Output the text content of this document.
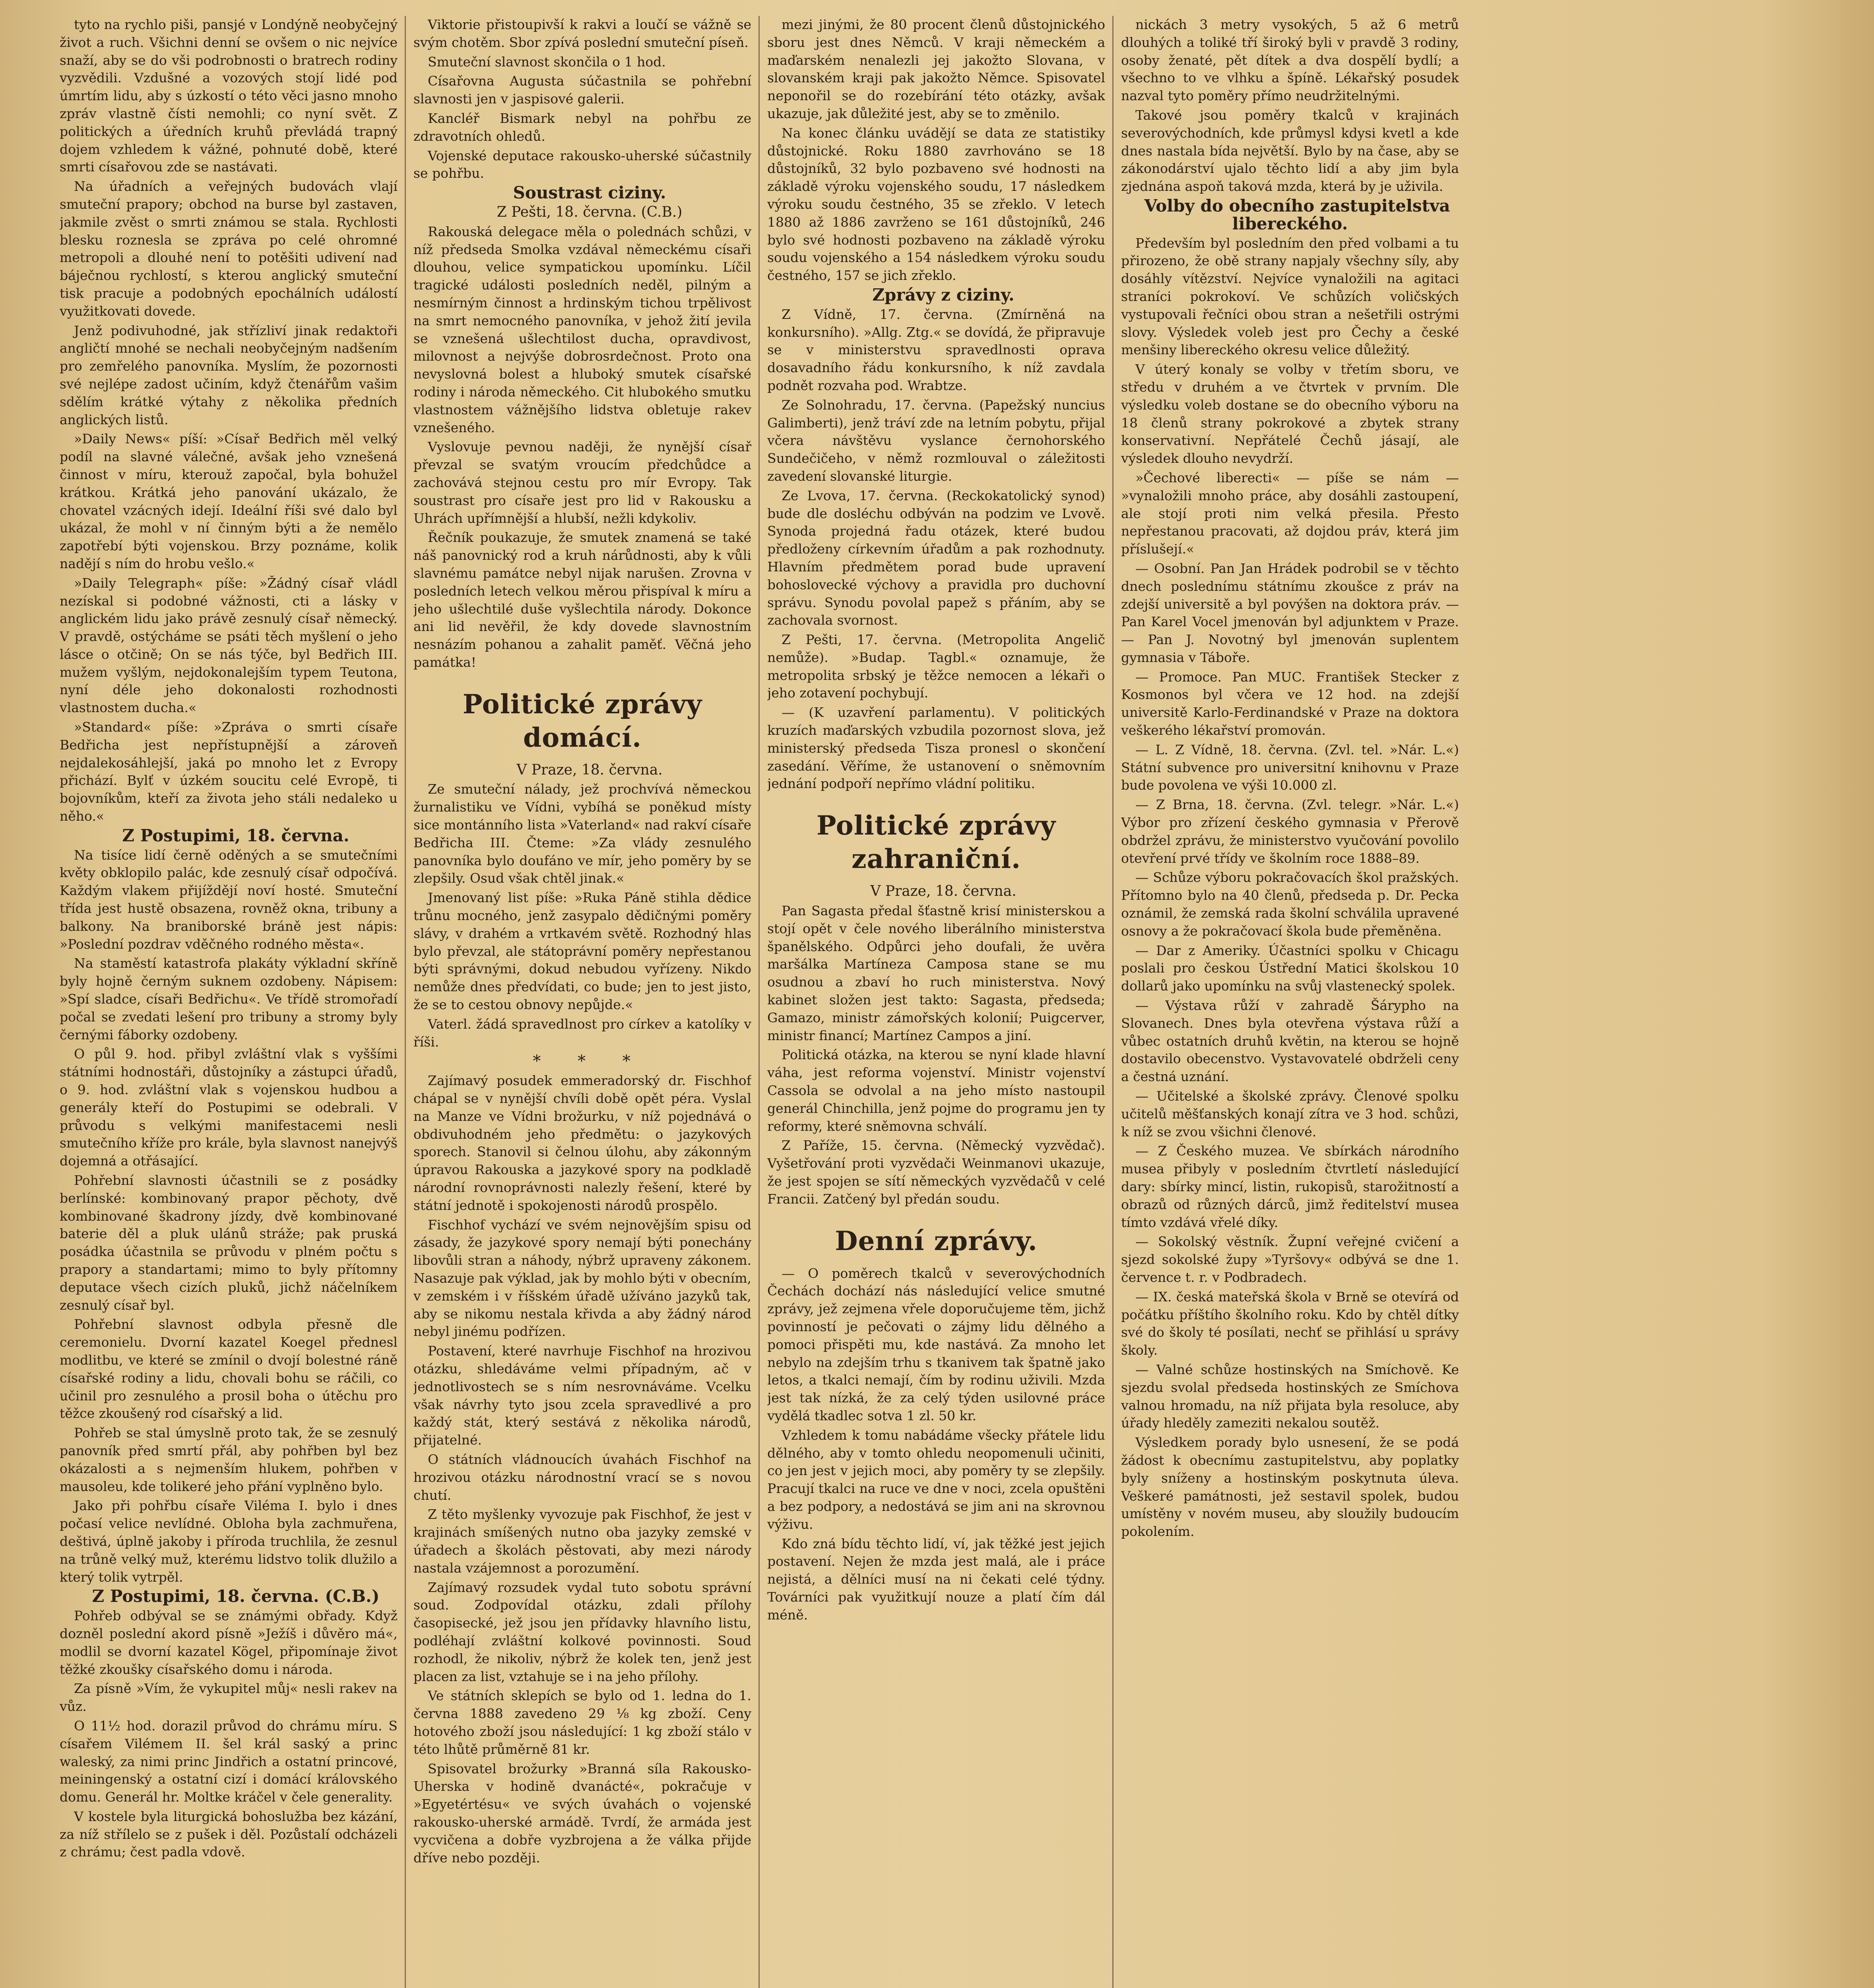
tyto na rychlo piši, pansjé v Londýně neobyčejný život a ruch. Všichni denní se ovšem o nic nejvíce snaží, aby se do vši podrobnosti o bratrech rodiny vyzvědili. Vzdušné a vozových stojí lidé pod úmrtím lidu, aby s úzkostí o této věci jasno mnoho zpráv vlastně čísti nemohli; co nyní svět. Z politických a úředních kruhů převládá trapný dojem vzhledem k vážné, pohnuté době, které smrti císařovou zde se nastávati.

Na úřadních a veřejných budovách vlají smuteční prapory; obchod na burse byl zastaven, jakmile zvěst o smrti známou se stala. Rychlosti blesku roznesla se zpráva po celé ohromné metropoli a dlouhé není to potěšiti udivení nad báječnou rychlostí, s kterou anglický smuteční tisk pracuje a podobných epochálních událostí využitkovati dovede.

Jenž podivuhodné, jak střízliví jinak redaktoři angličtí mnohé se nechali neobyčejným nadšením pro zemřelého panovníka. Myslím, že pozornosti své nejlépe zadost učiním, když čtenářům vašim sdělím krátké výtahy z několika předních anglických listů.

»Daily News« píší: »Císař Bedřich měl velký podíl na slavné válečné, avšak jeho vznešená činnost v míru, kterouž započal, byla bohužel krátkou. Krátká jeho panování ukázalo, že chovatel vzácných idejí. Ideální říši své dalo byl ukázal, že mohl v ní činným býti a že nemělo zapotřebí býti vojenskou. Brzy poznáme, kolik nadějí s ním do hrobu vešlo.«

»Daily Telegraph« píše: »Žádný císař vládl nezískal si podobné vážnosti, cti a lásky v anglickém lidu jako právě zesnulý císař německý. V pravdě, ostýcháme se psáti těch myšlení o jeho lásce o otčině; On se nás týče, byl Bedřich III. mužem vyšlým, nejdokonalejším typem Teutona, nyní déle jeho dokonalosti rozhodnosti vlastnostem ducha.«

»Standard« píše: »Zpráva o smrti císaře Bedřicha jest nepřístupnější a zároveň nejdalekosáhlejší, jaká po mnoho let z Evropy přichází. Bylť v úzkém soucitu celé Evropě, ti bojovníkům, kteří za života jeho stáli nedaleko u něho.«

Z Postupimi, 18. června.

Na tisíce lidí černě oděných a se smutečními květy obklopilo palác, kde zesnulý císař odpočívá. Každým vlakem přijíždějí noví hosté. Smuteční třída jest hustě obsazena, rovněž okna, tribuny a balkony. Na braniborské bráně jest nápis: »Poslední pozdrav vděčného rodného města«.

Na staměstí katastrofa plakáty výkladní skříně byly hojně černým suknem ozdobeny. Nápisem: »Spí sladce, císaři Bedřichu«. Ve třídě stromořadí počal se zvedati lešení pro tribuny a stromy byly černými fáborky ozdobeny.

O půl 9. hod. přibyl zvláštní vlak s vyššími státními hodnostáři, důstojníky a zástupci úřadů, o 9. hod. zvláštní vlak s vojenskou hudbou a generály kteří do Postupimi se odebrali. V průvodu s velkými manifestacemi nesli smutečního kříže pro krále, byla slavnost nanejvýš dojemná a otřásající.

Pohřební slavnosti účastnili se z posádky berlínské: kombinovaný prapor pěchoty, dvě kombinované škadrony jízdy, dvě kombinované baterie děl a pluk ulánů stráže; pak pruská posádka účastnila se průvodu v plném počtu s prapory a standartami; mimo to byly přítomny deputace všech cizích pluků, jichž náčelníkem zesnulý císař byl.

Pohřební slavnost odbyla přesně dle ceremonielu. Dvorní kazatel Koegel přednesl modlitbu, ve které se zmínil o dvojí bolestné ráně císařské rodiny a lidu, chovali bohu se ráčili, co učinil pro zesnulého a prosil boha o útěchu pro těžce zkoušený rod císařský a lid.

Pohřeb se stal úmyslně proto tak, že se zesnulý panovník před smrtí přál, aby pohřben byl bez okázalosti a s nejmenším hlukem, pohřben v mausoleu, kde tolikeré jeho přání vyplněno bylo.

Jako při pohřbu císaře Viléma I. bylo i dnes počasí velice nevlídné. Obloha byla zachmuřena, deštivá, úplně jakoby i příroda truchlila, že zesnul na trůně velký muž, kterému lidstvo tolik dlužilo a který tolik vytrpěl.

Z Postupimi, 18. června. (C.B.)

Pohřeb odbýval se se známými obřady. Když dozněl poslední akord písně »Ježíš i důvěro má«, modlil se dvorní kazatel Kögel, připomínaje život těžké zkoušky císařského domu i národa.

Za písně »Vím, že vykupitel můj« nesli rakev na vůz.

O 11½ hod. dorazil průvod do chrámu míru. S císařem Vilémem II. šel král saský a princ waleský, za nimi princ Jindřich a ostatní princové, meiningenský a ostatní cizí i domácí královského domu. Generál hr. Moltke kráčel v čele generality.

V kostele byla liturgická bohoslužba bez kázání, za níž střílelo se z pušek i děl. Pozůstalí odcházeli z chrámu; čest padla vdově.

Viktorie přistoupivší k rakvi a loučí se vážně se svým chotěm. Sbor zpívá poslední smuteční píseň.

Smuteční slavnost skončila o 1 hod.

Císařovna Augusta súčastnila se pohřební slavnosti jen v jaspisové galerii.

Kancléř Bismark nebyl na pohřbu ze zdravotních ohledů.

Vojenské deputace rakousko-uherské súčastnily se pohřbu.

Soustrast ciziny.

Z Pešti, 18. června. (C.B.)

Rakouská delegace měla o polednách schůzi, v níž předseda Smolka vzdával německému císaři dlouhou, velice sympatickou upomínku. Líčil tragické události posledních neděl, pilným a nesmírným činnost a hrdinským tichou trpělivost na smrt nemocného panovníka, v jehož žití jevila se vznešená ušlechtilost ducha, opravdivost, milovnost a nejvýše dobrosrdečnost. Proto ona nevyslovná bolest a hluboký smutek císařské rodiny i národa německého. Cit hlubokého smutku vlastnostem vážnějšího lidstva obletuje rakev vznešeného.

Vyslovuje pevnou naději, že nynější císař převzal se svatým vroucím předchůdce a zachovává stejnou cestu pro mír Evropy. Tak soustrast pro císaře jest pro lid v Rakousku a Uhrách upřímnější a hlubší, nežli kdykoliv.

Řečník poukazuje, že smutek znamená se také náš panovnický rod a kruh nárůdnosti, aby k vůli slavnému památce nebyl nijak narušen. Zrovna v posledních letech velkou měrou přispíval k míru a jeho ušlechtilé duše vyšlechtila národy. Dokonce ani lid nevěřil, že kdy dovede slavnostním nesnázím pohanou a zahalit paměť. Věčná jeho památka!

Politické zprávy domácí.

V Praze, 18. června.

Ze smuteční nálady, jež prochvívá německou žurnalistiku ve Vídni, vybíhá se poněkud místy sice montánního lista »Vaterland« nad rakví císaře Bedřicha III. Čteme: »Za vlády zesnulého panovníka bylo doufáno ve mír, jeho poměry by se zlepšily. Osud však chtěl jinak.«

Jmenovaný list píše: »Ruka Páně stihla dědice trůnu mocného, jenž zasypalo dědičnými poměry slávy, v drahém a vrtkavém světě. Rozhodný hlas bylo převzal, ale státoprávní poměry nepřestanou býti správnými, dokud nebudou vyřízeny. Nikdo nemůže dnes předvídati, co bude; jen to jest jisto, že se to cestou obnovy nepůjde.«

Vaterl. žádá spravedlnost pro církev a katolíky v říši.

* * *

Zajímavý posudek emmeradorský dr. Fischhof chápal se v nynější chvíli době opět péra. Vyslal na Manze ve Vídni brožurku, v níž pojednává o obdivuhodném jeho předmětu: o jazykových sporech. Stanovil si čelnou úlohu, aby zákonným úpravou Rakouska a jazykové spory na podkladě národní rovnoprávnosti nalezly řešení, které by státní jednotě i spokojenosti národů prospělo.

Fischhof vychází ve svém nejnovějším spisu od zásady, že jazykové spory nemají býti ponechány libovůli stran a náhody, nýbrž upraveny zákonem. Nasazuje pak výklad, jak by mohlo býti v obecním, v zemském i v říšském úřadě užíváno jazyků tak, aby se nikomu nestala křivda a aby žádný národ nebyl jinému podřízen.

Postavení, které navrhuje Fischhof na hrozivou otázku, shledáváme velmi případným, ač v jednotlivostech se s ním nesrovnáváme. Vcelku však návrhy tyto jsou zcela spravedlivé a pro každý stát, který sestává z několika národů, přijatelné.

O státních vládnoucích úvahách Fischhof na hrozivou otázku národnostní vrací se s novou chutí.

Z těto myšlenky vyvozuje pak Fischhof, že jest v krajinách smíšených nutno oba jazyky zemské v úřadech a školách pěstovati, aby mezi národy nastala vzájemnost a porozumění.

Zajímavý rozsudek vydal tuto sobotu správní soud. Zodpovídal otázku, zdali přílohy časopisecké, jež jsou jen přídavky hlavního listu, podléhají zvláštní kolkové povinnosti. Soud rozhodl, že nikoliv, nýbrž že kolek ten, jenž jest placen za list, vztahuje se i na jeho přílohy.

Ve státních sklepích se bylo od 1. ledna do 1. června 1888 zavedeno 29 ⅛ kg zboží. Ceny hotového zboží jsou následující: 1 kg zboží stálo v této lhůtě průměrně 81 kr.

Spisovatel brožurky »Branná síla Rakousko-Uherska v hodině dvanácté«, pokračuje v »Egyetértésu« ve svých úvahách o vojenské rakousko-uherské armádě. Tvrdí, že armáda jest vycvičena a dobře vyzbrojena a že válka přijde dříve nebo později.

mezi jinými, že 80 procent členů důstojnického sboru jest dnes Němců. V kraji německém a maďarském nenalezli jej jakožto Slovana, v slovanském kraji pak jakožto Němce. Spisovatel neponořil se do rozebírání této otázky, avšak ukazuje, jak důležité jest, aby se to změnilo.

Na konec článku uvádějí se data ze statistiky důstojnické. Roku 1880 zavrhováno se 18 důstojníků, 32 bylo pozbaveno své hodnosti na základě výroku vojenského soudu, 17 následkem výroku soudu čestného, 35 se zřeklo. V letech 1880 až 1886 zavrženo se 161 důstojníků, 246 bylo své hodnosti pozbaveno na základě výroku soudu vojenského a 154 následkem výroku soudu čestného, 157 se jich zřeklo.

Zprávy z ciziny.

Z Vídně, 17. června. (Zmírněná na konkursního). »Allg. Ztg.« se dovídá, že připravuje se v ministerstvu spravedlnosti oprava dosavadního řádu konkursního, k níž zavdala podnět rozvaha pod. Wrabtze.

Ze Solnohradu, 17. června. (Papežský nuncius Galimberti), jenž tráví zde na letním pobytu, přijal včera návštěvu vyslance černohorského Sundečičeho, v němž rozmlouval o záležitosti zavedení slovanské liturgie.

Ze Lvova, 17. června. (Reckokatolický synod) bude dle dosléchu odbýván na podzim ve Lvově. Synoda projedná řadu otázek, které budou předloženy církevním úřadům a pak rozhodnuty. Hlavním předmětem porad bude upravení bohoslovecké výchovy a pravidla pro duchovní správu. Synodu povolal papež s přáním, aby se zachovala svornost.

Z Pešti, 17. června. (Metropolita Angelič nemůže). »Budap. Tagbl.« oznamuje, že metropolita srbský je těžce nemocen a lékaři o jeho zotavení pochybují.

— (K uzavření parlamentu). V politických kruzích maďarských vzbudila pozornost slova, jež ministerský předseda Tisza pronesl o skončení zasedání. Věříme, že ustanovení o sněmovním jednání podpoří nepřímo vládní politiku.

Politické zprávy zahraniční.

V Praze, 18. června.

Pan Sagasta předal šťastně krisí ministerskou a stojí opět v čele nového liberálního ministerstva španělského. Odpůrci jeho doufali, že uvěra maršálka Martíneza Camposa stane se mu osudnou a zbaví ho ruch ministerstva. Nový kabinet složen jest takto: Sagasta, předseda; Gamazo, ministr zámořských kolonií; Puigcerver, ministr financí; Martínez Campos a jiní.

Politická otázka, na kterou se nyní klade hlavní váha, jest reforma vojenství. Ministr vojenství Cassola se odvolal a na jeho místo nastoupil generál Chinchilla, jenž pojme do programu jen ty reformy, které sněmovna schválí.

Z Paříže, 15. června. (Německý vyzvědač). Vyšetřování proti vyzvědači Weinmanovi ukazuje, že jest spojen se sítí německých vyzvědačů v celé Francii. Zatčený byl předán soudu.

Denní zprávy.

— O poměrech tkalců v severovýchodních Čechách dochází nás následující velice smutné zprávy, jež zejmena vřele doporučujeme těm, jichž povinností je pečovati o zájmy lidu dělného a pomoci přispěti mu, kde nastává. Za mnoho let nebylo na zdejším trhu s tkanivem tak špatně jako letos, a tkalci nemají, čím by rodinu uživili. Mzda jest tak nízká, že za celý týden usilovné práce vydělá tkadlec sotva 1 zl. 50 kr.

Vzhledem k tomu nabádáme všecky přátele lidu dělného, aby v tomto ohledu neopomenuli učiniti, co jen jest v jejich moci, aby poměry ty se zlepšily. Pracují tkalci na ruce ve dne v noci, zcela opuštěni a bez podpory, a nedostává se jim ani na skrovnou výživu.

Kdo zná bídu těchto lidí, ví, jak těžké jest jejich postavení. Nejen že mzda jest malá, ale i práce nejistá, a dělníci musí na ni čekati celé týdny. Továrníci pak využitkují nouze a platí čím dál méně.

nickách 3 metry vysokých, 5 až 6 metrů dlouhých a toliké tří široký byli v pravdě 3 rodiny, osoby ženaté, pět dítek a dva dospělí bydlí; a všechno to ve vlhku a špíně. Lékařský posudek nazval tyto poměry přímo neudržitelnými.

Takové jsou poměry tkalců v krajinách severovýchodních, kde průmysl kdysi kvetl a kde dnes nastala bída největší. Bylo by na čase, aby se zákonodárství ujalo těchto lidí a aby jim byla zjednána aspoň taková mzda, která by je uživila.

Volby do obecního zastupitelstva libereckého.

Především byl posledním den před volbami a tu přirozeno, že obě strany napjaly všechny síly, aby dosáhly vítězství. Nejvíce vynaložili na agitaci straníci pokrokoví. Ve schůzích voličských vystupovali řečníci obou stran a nešetřili ostrými slovy. Výsledek voleb jest pro Čechy a české menšiny libereckého okresu velice důležitý.

V úterý konaly se volby v třetím sboru, ve středu v druhém a ve čtvrtek v prvním. Dle výsledku voleb dostane se do obecního výboru na 18 členů strany pokrokové a zbytek strany konservativní. Nepřátelé Čechů jásají, ale výsledek dlouho nevydrží.

»Čechové liberecti« — píše se nám — »vynaložili mnoho práce, aby dosáhli zastoupení, ale stojí proti nim velká přesila. Přesto nepřestanou pracovati, až dojdou práv, která jim příslušejí.«

— Osobní. Pan Jan Hrádek podrobil se v těchto dnech poslednímu státnímu zkoušce z práv na zdejší universitě a byl povýšen na doktora práv. — Pan Karel Vocel jmenován byl adjunktem v Praze. — Pan J. Novotný byl jmenován suplentem gymnasia v Táboře.

— Promoce. Pan MUC. František Stecker z Kosmonos byl včera ve 12 hod. na zdejší universitě Karlo-Ferdinandské v Praze na doktora veškerého lékařství promován.

— L. Z Vídně, 18. června. (Zvl. tel. »Nár. L.«) Státní subvence pro universitní knihovnu v Praze bude povolena ve výši 10.000 zl.

— Z Brna, 18. června. (Zvl. telegr. »Nár. L.«) Výbor pro zřízení českého gymnasia v Přerově obdržel zprávu, že ministerstvo vyučování povolilo otevření prvé třídy ve školním roce 1888–89.

— Schůze výboru pokračovacích škol pražských. Přítomno bylo na 40 členů, předseda p. Dr. Pecka oznámil, že zemská rada školní schválila upravené osnovy a že pokračovací škola bude přeměněna.

— Dar z Ameriky. Účastníci spolku v Chicagu poslali pro českou Ústřední Matici školskou 10 dollarů jako upomínku na svůj vlastenecký spolek.

— Výstava růží v zahradě Šárypho na Slovanech. Dnes byla otevřena výstava růží a vůbec ostatních druhů květin, na kterou se hojně dostavilo obecenstvo. Vystavovatelé obdrželi ceny a čestná uznání.

— Učitelské a školské zprávy. Členové spolku učitelů měšťanských konají zítra ve 3 hod. schůzi, k níž se zvou všichni členové.

— Z Českého muzea. Ve sbírkách národního musea přibyly v posledním čtvrtletí následující dary: sbírky mincí, listin, rukopisů, starožitností a obrazů od různých dárců, jimž ředitelství musea tímto vzdává vřelé díky.

— Sokolský věstník. Župní veřejné cvičení a sjezd sokolské župy »Tyršovy« odbývá se dne 1. července t. r. v Podbradech.

— IX. česká mateřská škola v Brně se otevírá od počátku příštího školního roku. Kdo by chtěl dítky své do školy té posílati, nechť se přihlásí u správy školy.

— Valné schůze hostinských na Smíchově. Ke sjezdu svolal předseda hostinských ze Smíchova valnou hromadu, na níž přijata byla resoluce, aby úřady hleděly zameziti nekalou soutěž.

Výsledkem porady bylo usnesení, že se podá žádost k obecnímu zastupitelstvu, aby poplatky byly sníženy a hostinským poskytnuta úleva. Veškeré památnosti, jež sestavil spolek, budou umístěny v novém museu, aby sloužily budoucím pokolením.
